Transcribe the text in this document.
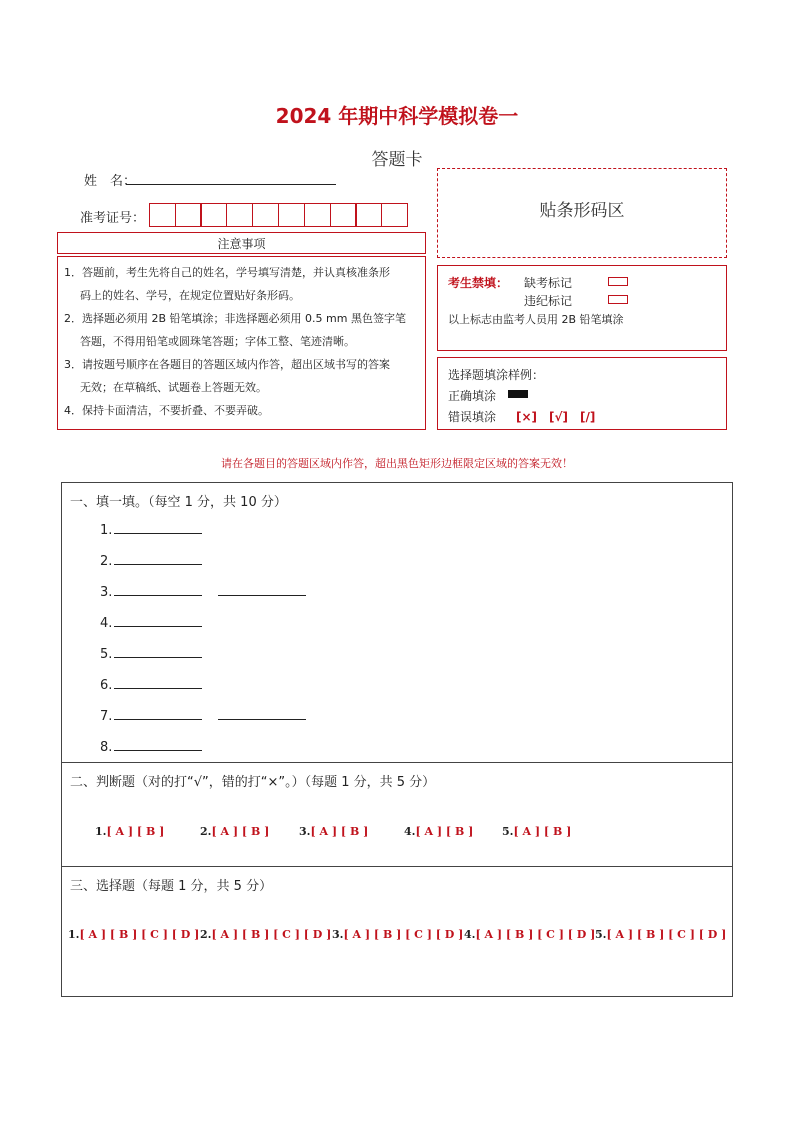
2024 年期中科学模拟卷一
答题卡
姓　名：
准考证号：	贴条形码区
注意事项

1．答题前，考生先将自己的姓名，学号填写清楚，并认真核准条形

码上的姓名、学号，在规定位置贴好条形码。

2．选择题必须用 2B 铅笔填涂；非选择题必须用 0.5 mm 黑色签字笔

答题，不得用铅笔或圆珠笔答题；字体工整、笔迹清晰。

3．请按题号顺序在各题目的答题区域内作答，超出区域书写的答案

无效；在草稿纸、试题卷上答题无效。

4．保持卡面清洁，不要折叠、不要弄破。

考生禁填： 缺考标记
违纪标记
以上标志由监考人员用 2B 铅笔填涂
选择题填涂样例：
正确填涂
错误填涂 [×]　[√]　[/]
请在各题目的答题区域内作答，超出黑色矩形边框限定区域的答案无效！
一、填一填。（每空 1 分，共 10 分）
1.
2.
3.
4.
5.
6.
7.
8.
二、判断题（对的打“√”，错的打“×”。）（每题 1 分，共 5 分）
1.[ A ] [ B ]	2.[ A ] [ B ]	3.[ A ] [ B ]	4.[ A ] [ B ]	5.[ A ] [ B ]
三、选择题（每题 1 分，共 5 分）
1.[ A ] [ B ] [ C ] [ D ] 2.[ A ] [ B ] [ C ] [ D ] 3.[ A ] [ B ] [ C ] [ D ] 4.[ A ] [ B ] [ C ] [ D ] 5.[ A ] [ B ] [ C ] [ D ]
